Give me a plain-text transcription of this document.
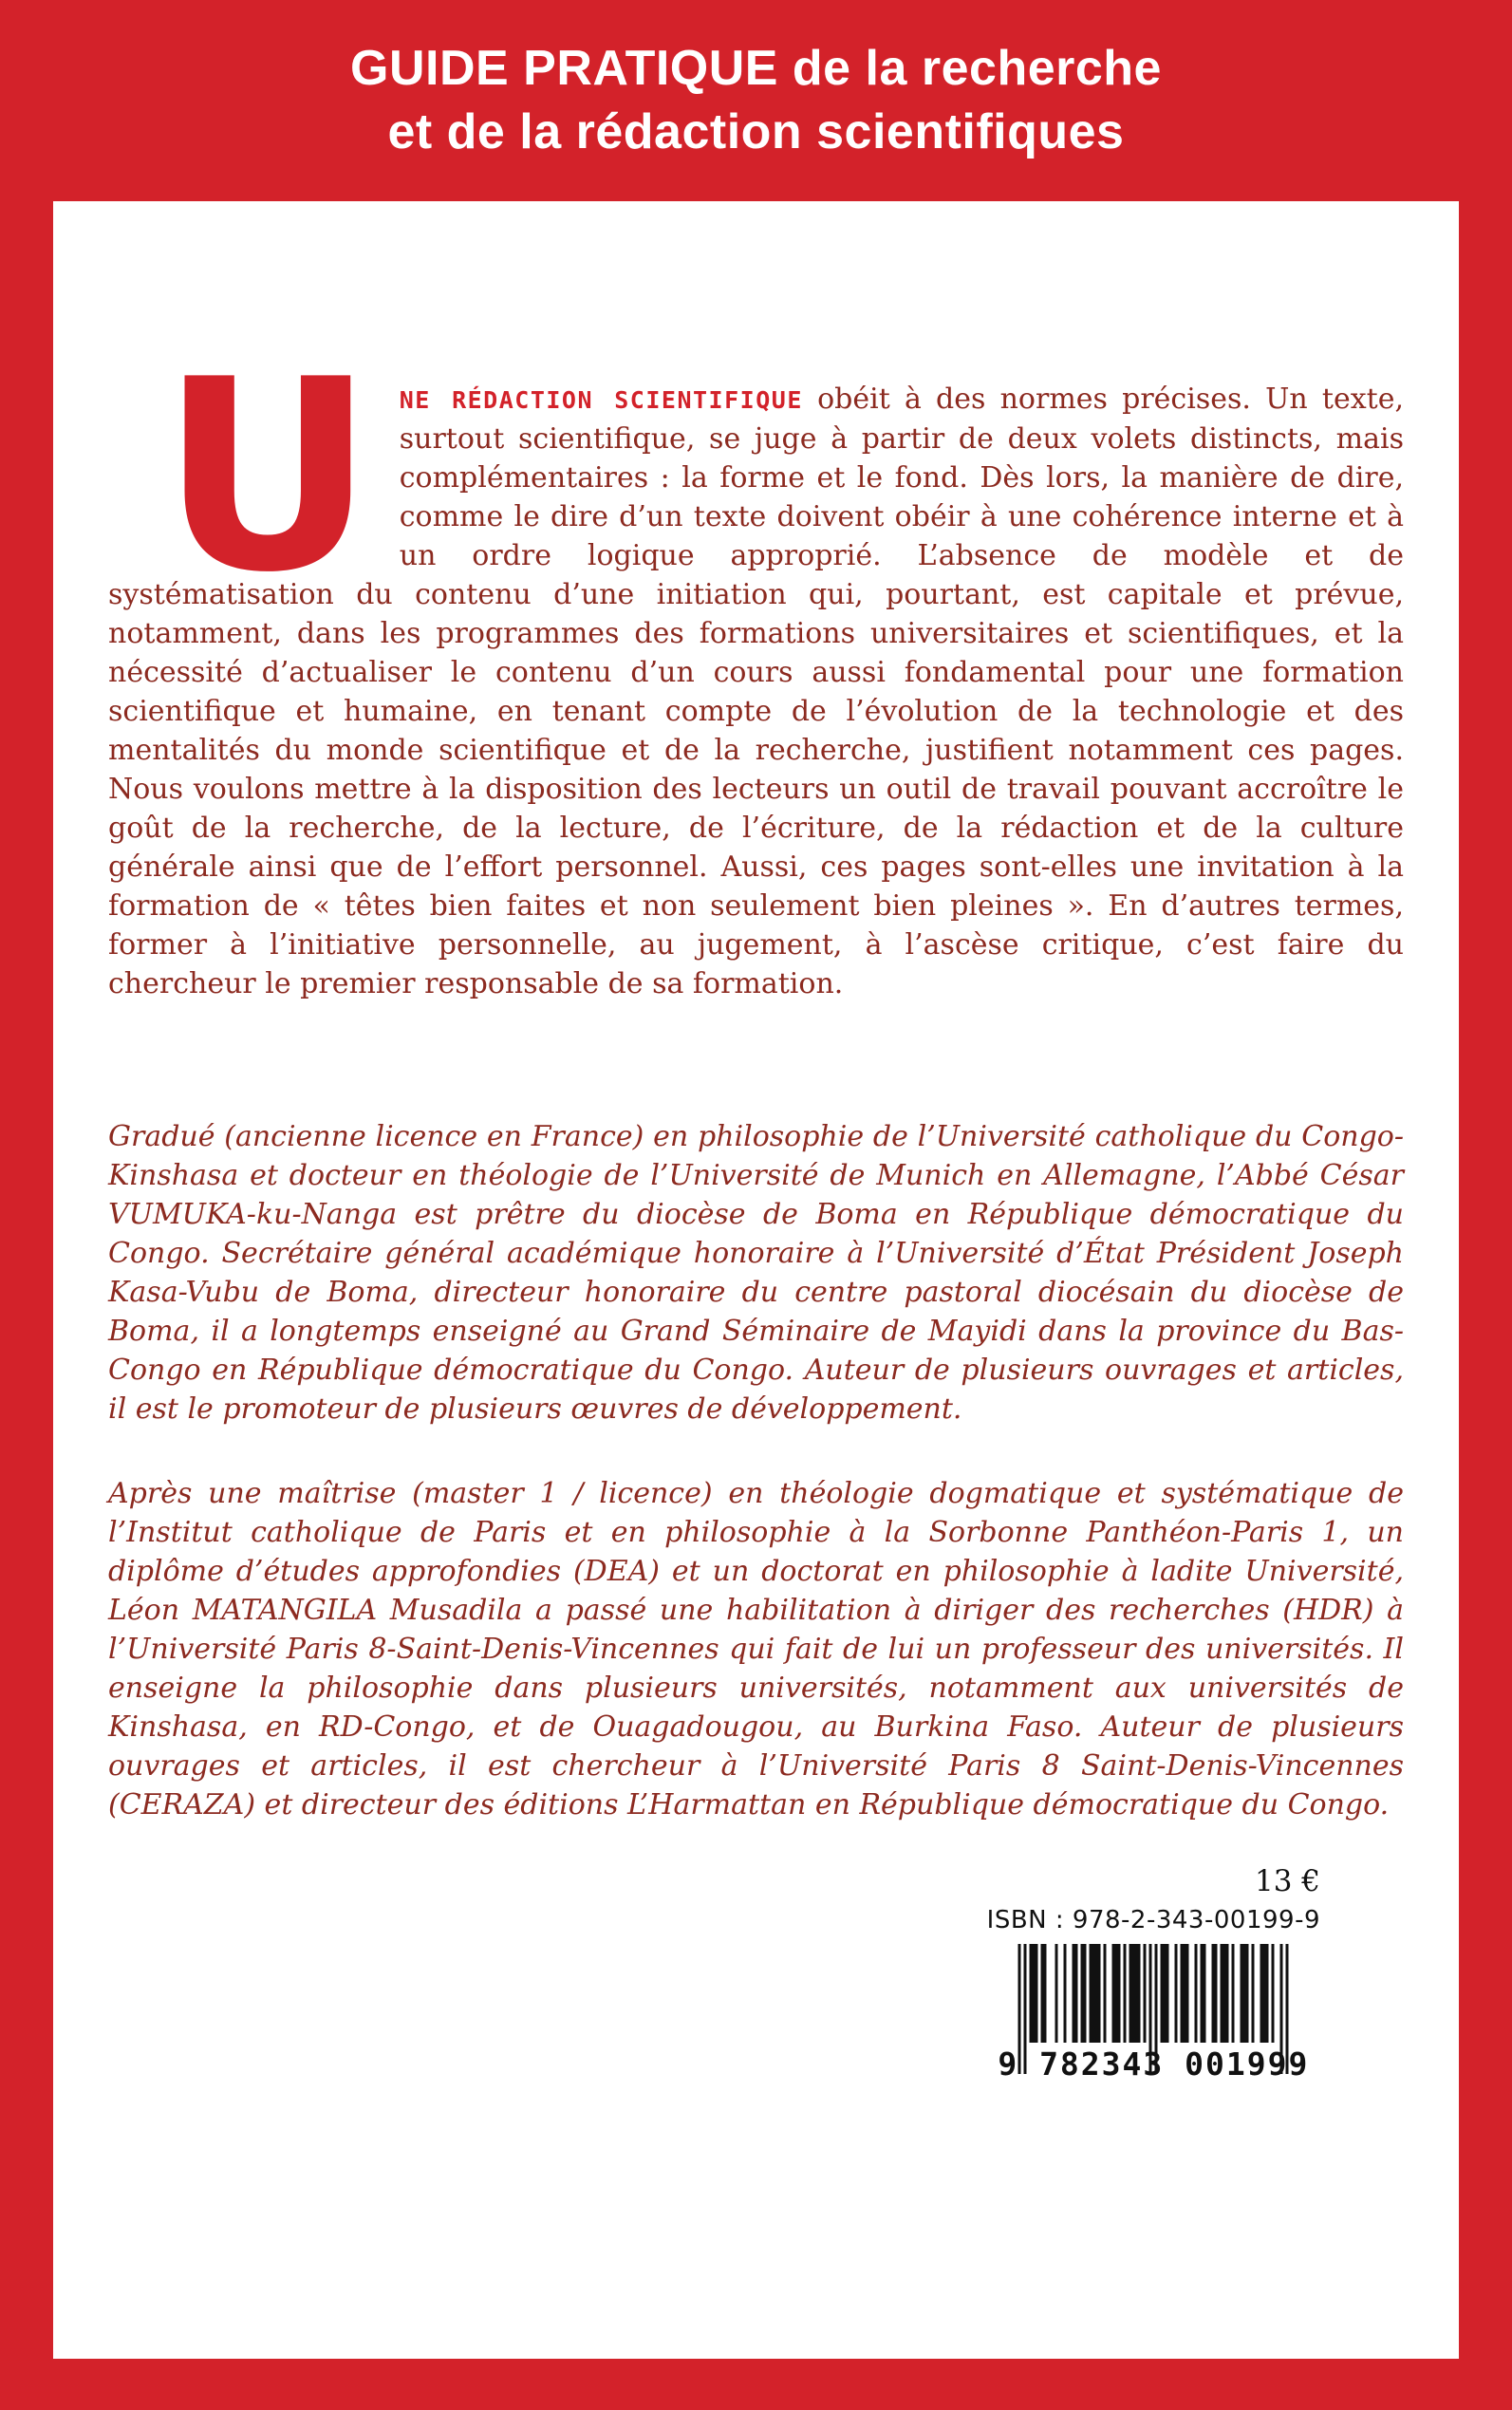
GUIDE PRATIQUE de la recherche
et de la rédaction scientifiques

U	NE RÉDACTION SCIENTIFIQUE obéit à des normes précises. Un texte, surtout scientifique, se juge à partir de deux volets distincts, mais complémentaires : la forme et le fond. Dès lors, la manière de dire, comme le dire d’un texte doivent obéir à une cohérence interne et à un ordre logique approprié. L’absence de modèle et de systématisation du contenu d’une initiation qui, pourtant, est capitale et prévue, notamment, dans les programmes des formations universitaires et scientifiques, et la nécessité d’actualiser le contenu d’un cours aussi fondamental pour une formation scientifique et humaine, en tenant compte de l’évolution de la technologie et des mentalités du monde scientifique et de la recherche, justifient notamment ces pages. Nous voulons mettre à la disposition des lecteurs un outil de travail pouvant accroître le goût de la recherche, de la lecture, de l’écriture, de la rédaction et de la culture générale ainsi que de l’effort personnel. Aussi, ces pages sont-elles une invitation à la formation de « têtes bien faites et non seulement bien pleines ». En d’autres termes, former à l’initiative personnelle, au jugement, à l’ascèse critique, c’est faire du chercheur le premier responsable de sa formation.

Gradué (ancienne licence en France) en philosophie de l’Université catholique du Congo-Kinshasa et docteur en théologie de l’Université de Munich en Allemagne, l’Abbé César VUMUKA-ku-Nanga est prêtre du diocèse de Boma en République démocratique du Congo. Secrétaire général académique honoraire à l’Université d’État Président Joseph Kasa-Vubu de Boma, directeur honoraire du centre pastoral diocésain du diocèse de Boma, il a longtemps enseigné au Grand Séminaire de Mayidi dans la province du Bas-Congo en République démocratique du Congo. Auteur de plusieurs ouvrages et articles, il est le promoteur de plusieurs œuvres de développement.

Après une maîtrise (master 1 / licence) en théologie dogmatique et systématique de l’Institut catholique de Paris et en philosophie à la Sorbonne Panthéon-Paris 1, un diplôme d’études approfondies (DEA) et un doctorat en philosophie à ladite Université, Léon MATANGILA Musadila a passé une habilitation à diriger des recherches (HDR) à l’Université Paris 8-Saint-Denis-Vincennes qui fait de lui un professeur des universités. Il enseigne la philosophie dans plusieurs universités, notamment aux universités de Kinshasa, en RD-Congo, et de Ouagadougou, au Burkina Faso. Auteur de plusieurs ouvrages et articles, il est chercheur à l’Université Paris 8 Saint-Denis-Vincennes (CERAZA) et directeur des éditions L’Harmattan en République démocratique du Congo.

13 €
ISBN : 978-2-343-00199-9
9 782343 001999
